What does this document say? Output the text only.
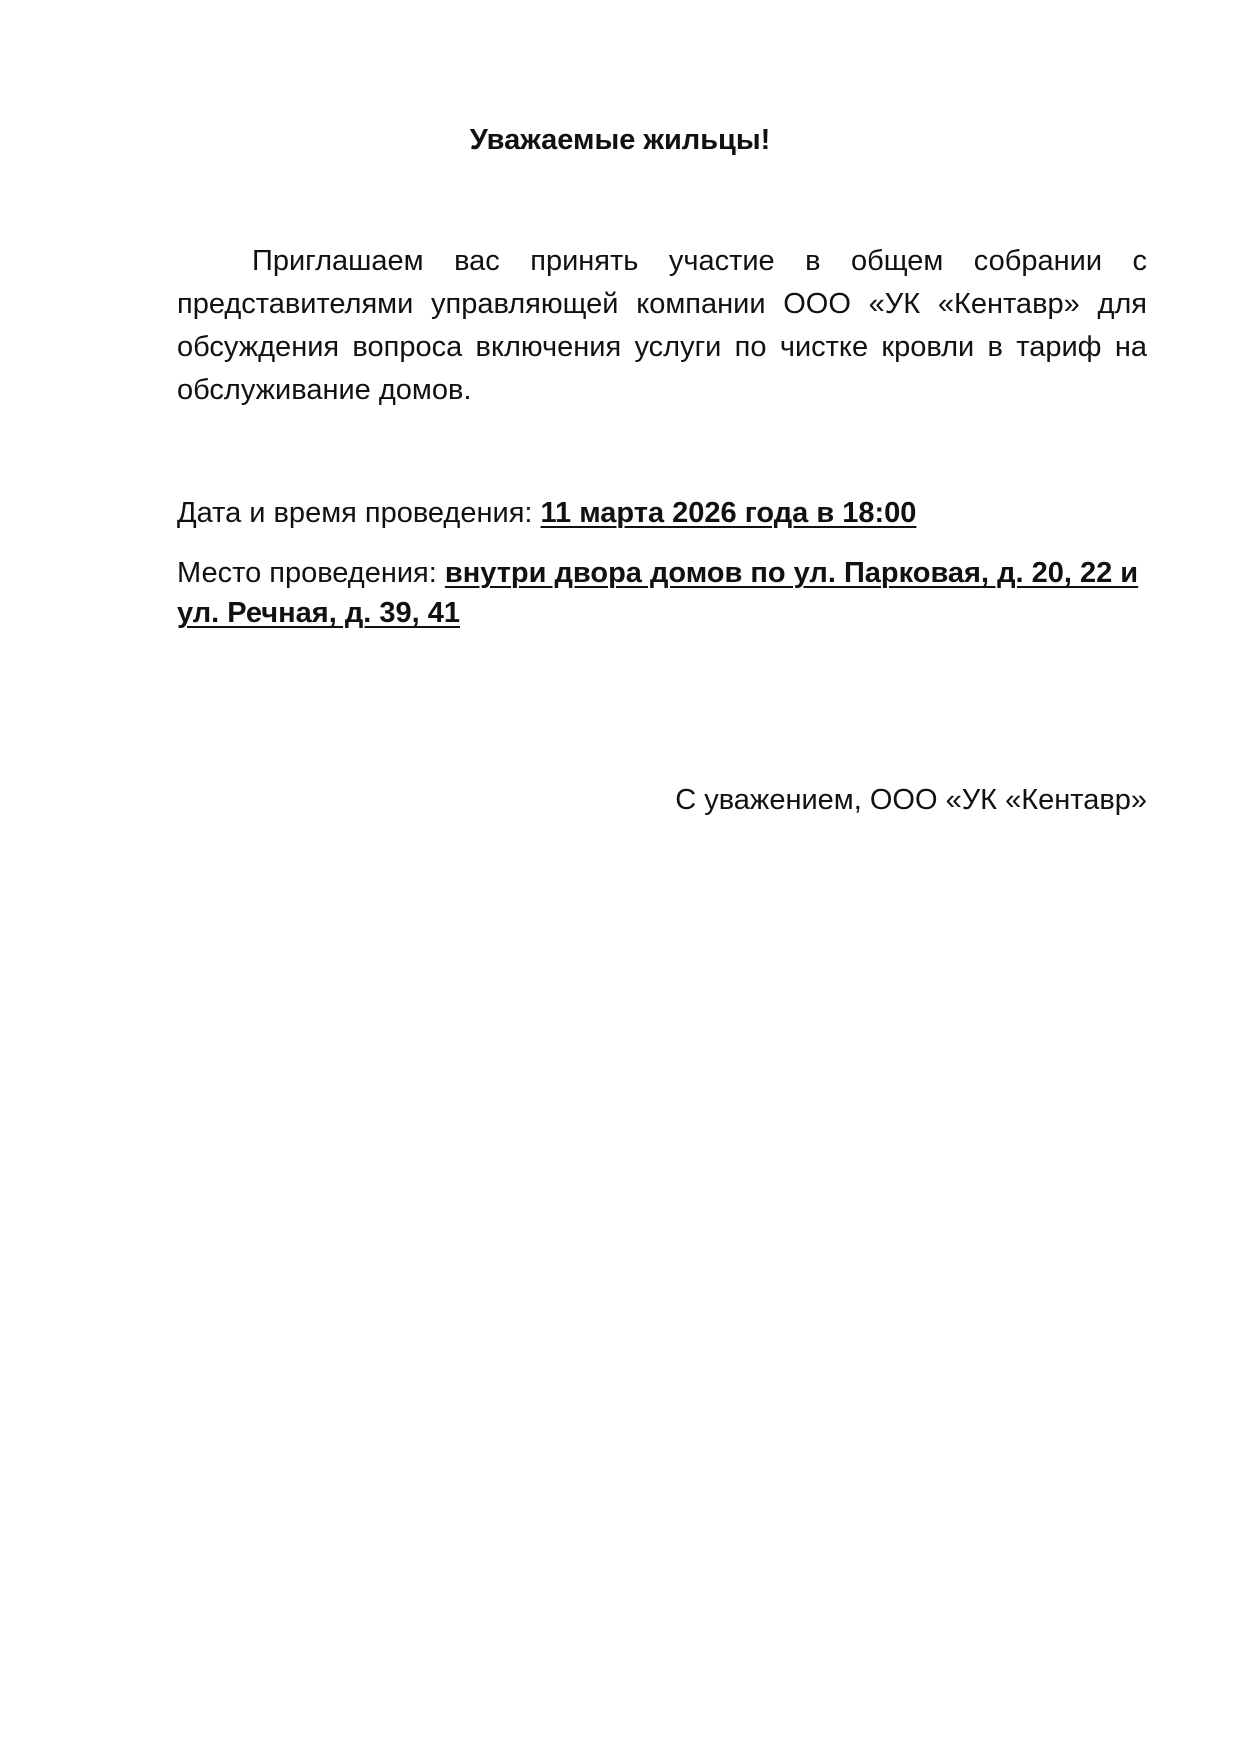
Уважаемые жильцы!

Приглашаем вас принять участие в общем собрании с представителями управляющей компании ООО «УК «Кентавр» для обсуждения вопроса включения услуги по чистке кровли в тариф на обслуживание домов.

Дата и время проведения: 11 марта 2026 года в 18:00

Место проведения: внутри двора домов по ул. Парковая, д. 20, 22 и ул. Речная, д. 39, 41

С уважением, ООО «УК «Кентавр»
